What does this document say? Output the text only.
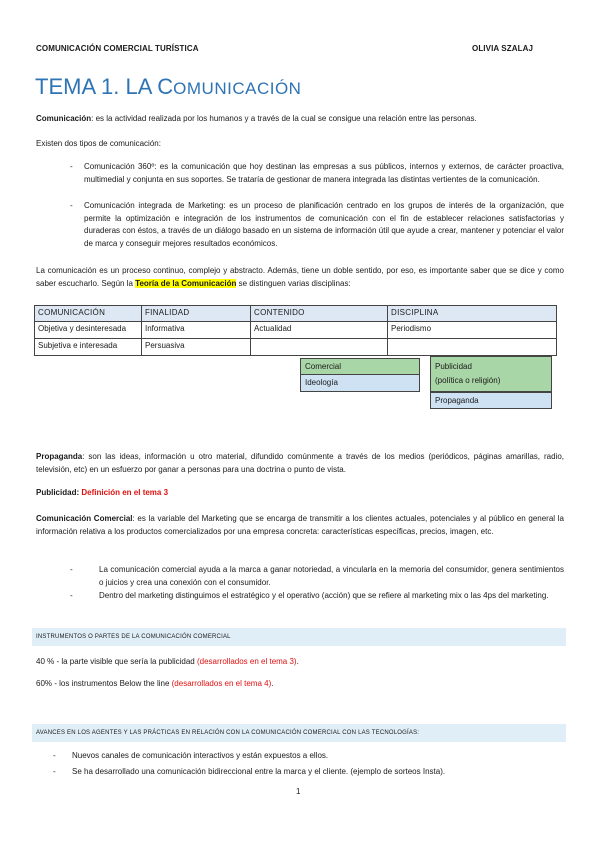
COMUNICACIÓN COMERCIAL TURÍSTICA	OLIVIA SZALAJ
TEMA 1. LA COMUNICACIÓN

Comunicación: es la actividad realizada por los humanos y a través de la cual se consigue una relación entre las personas.

Existen dos tipos de comunicación:

- Comunicación 360º: es la comunicación que hoy destinan las empresas a sus públicos, internos y externos, de carácter proactiva, multimedial y conjunta en sus soportes. Se trataría de gestionar de manera integrada las distintas vertientes de la comunicación.
- Comunicación integrada de Marketing: es un proceso de planificación centrado en los grupos de interés de la organización, que permite la optimización e integración de los instrumentos de comunicación con el fin de establecer relaciones satisfactorias y duraderas con éstos, a través de un diálogo basado en un sistema de información útil que ayude a crear, mantener y potenciar el valor de marca y conseguir mejores resultados económicos.

La comunicación es un proceso continuo, complejo y abstracto. Además, tiene un doble sentido, por eso, es importante saber que se dice y como saber escucharlo. Según la Teoría de la Comunicación se distinguen varias disciplinas:

COMUNICACIÓN	FINALIDAD	CONTENIDO	DISCIPLINA
Objetiva y desinteresada	Informativa	Actualidad	Periodismo
Subjetiva e interesada	Persuasiva		
Comercial
Ideología
Publicidad
(política o religión)
Propaganda

Propaganda: son las ideas, información u otro material, difundido comúnmente a través de los medios (periódicos, páginas amarillas, radio, televisión, etc) en un esfuerzo por ganar a personas para una doctrina o punto de vista.

Publicidad: Definición en el tema 3

Comunicación Comercial: es la variable del Marketing que se encarga de transmitir a los clientes actuales, potenciales y al público en general la información relativa a los productos comercializados por una empresa concreta: características específicas, precios, imagen, etc.

-	La comunicación comercial ayuda a la marca a ganar notoriedad, a vincularla en la memoria del consumidor, genera sentimientos o juicios y crea una conexión con el consumidor.
-	Dentro del marketing distinguimos el estratégico y el operativo (acción) que se refiere al marketing mix o las 4ps del marketing.
INSTRUMENTOS O PARTES DE LA COMUNICACIÓN COMERCIAL

40 % - la parte visible que sería la publicidad (desarrollados en el tema 3).

60% - los instrumentos Below the line (desarrollados en el tema 4).

AVANCES EN LOS AGENTES Y LAS PRÁCTICAS EN RELACIÓN CON LA COMUNICACIÓN COMERCIAL CON LAS TECNOLOGÍAS:
- Nuevos canales de comunicación interactivos y están expuestos a ellos.
- Se ha desarrollado una comunicación bidireccional entre la marca y el cliente. (ejemplo de sorteos Insta).
1
